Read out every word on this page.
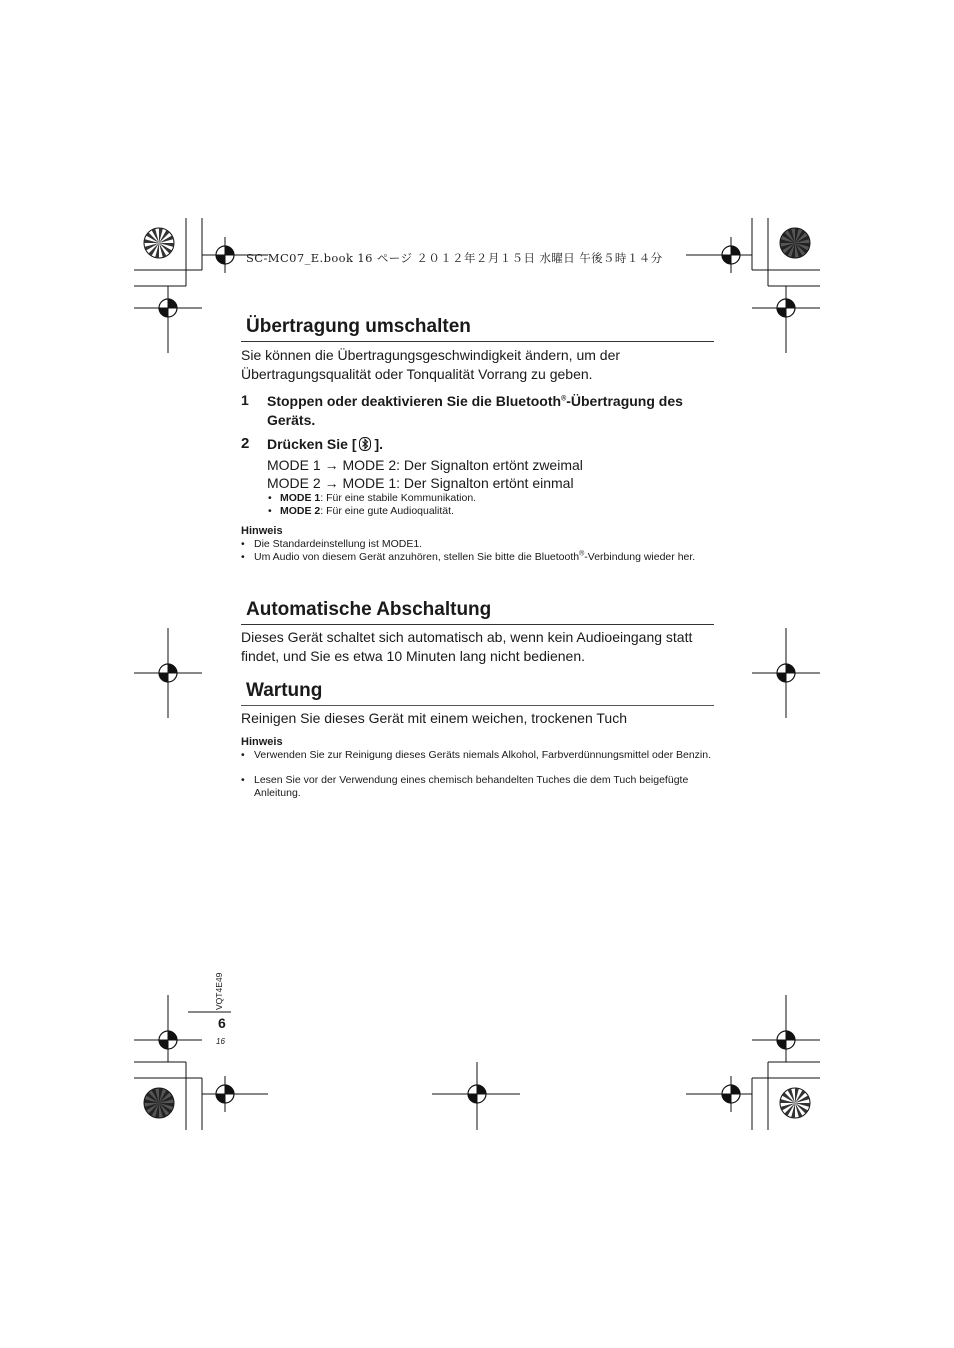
SC-MC07_E.book 16 ページ ２０１２年２月１５日 水曜日 午後５時１４分
Übertragung umschalten
Sie können die Übertragungsgeschwindigkeit ändern, um der Übertragungsqualität oder Tonqualität Vorrang zu geben.
1 Stoppen oder deaktivieren Sie die Bluetooth®-Übertragung des Geräts.
2 Drücken Sie [ ].
MODE 1 → MODE 2: Der Signalton ertönt zweimal
MODE 2 → MODE 1: Der Signalton ertönt einmal
• MODE 1: Für eine stabile Kommunikation.
• MODE 2: Für eine gute Audioqualität.
Hinweis
• Die Standardeinstellung ist MODE1.
• Um Audio von diesem Gerät anzuhören, stellen Sie bitte die Bluetooth®-Verbindung wieder her.
Automatische Abschaltung
Dieses Gerät schaltet sich automatisch ab, wenn kein Audioeingang statt findet, und Sie es etwa 10 Minuten lang nicht bedienen.
Wartung
Reinigen Sie dieses Gerät mit einem weichen, trockenen Tuch
Hinweis
• Verwenden Sie zur Reinigung dieses Geräts niemals Alkohol, Farbverdünnungsmittel oder Benzin.
• Lesen Sie vor der Verwendung eines chemisch behandelten Tuches die dem Tuch beigefügte Anleitung.
VQT4E49
6
16
